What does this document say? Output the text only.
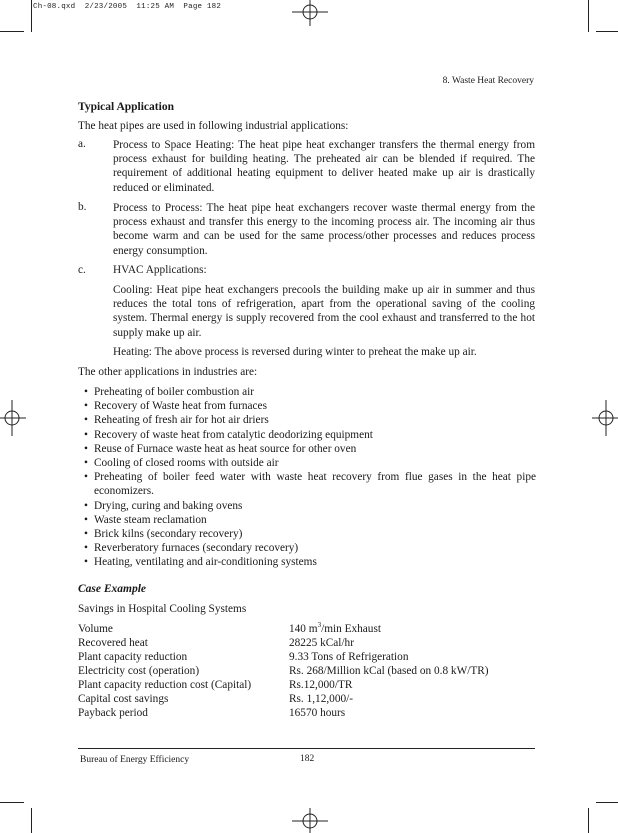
Ch-08.qxd  2/23/2005  11:25 AM  Page 182
8. Waste Heat Recovery
Typical Application
The heat pipes are used in following industrial applications:
a. Process to Space Heating: The heat pipe heat exchanger transfers the thermal energy from process exhaust for building heating. The preheated air can be blended if required. The requirement of additional heating equipment to deliver heated make up air is drastically reduced or eliminated.
b. Process to Process: The heat pipe heat exchangers recover waste thermal energy from the process exhaust and transfer this energy to the incoming process air. The incoming air thus become warm and can be used for the same process/other processes and reduces process energy consumption.
c. HVAC Applications:
Cooling: Heat pipe heat exchangers precools the building make up air in summer and thus reduces the total tons of refrigeration, apart from the operational saving of the cooling system. Thermal energy is supply recovered from the cool exhaust and transferred to the hot supply make up air.
Heating: The above process is reversed during winter to preheat the make up air.
The other applications in industries are:
• Preheating of boiler combustion air
• Recovery of Waste heat from furnaces
• Reheating of fresh air for hot air driers
• Recovery of waste heat from catalytic deodorizing equipment
• Reuse of Furnace waste heat as heat source for other oven
• Cooling of closed rooms with outside air
• Preheating of boiler feed water with waste heat recovery from flue gases in the heat pipe economizers.
• Drying, curing and baking ovens
• Waste steam reclamation
• Brick kilns (secondary recovery)
• Reverberatory furnaces (secondary recovery)
• Heating, ventilating and air-conditioning systems
Case Example
Savings in Hospital Cooling Systems
Volume	140 $m^3/\min$ Exhaust
Recovered heat	28225 kCal/hr
Plant capacity reduction	9.33 Tons of Refrigeration
Electricity cost (operation)	Rs. 268/Million kCal (based on 0.8 kW/TR)
Plant capacity reduction cost (Capital)	Rs.12,000/TR
Capital cost savings	Rs. 1,12,000/-
Payback period	16570 hours
Bureau of Energy Efficiency	182
